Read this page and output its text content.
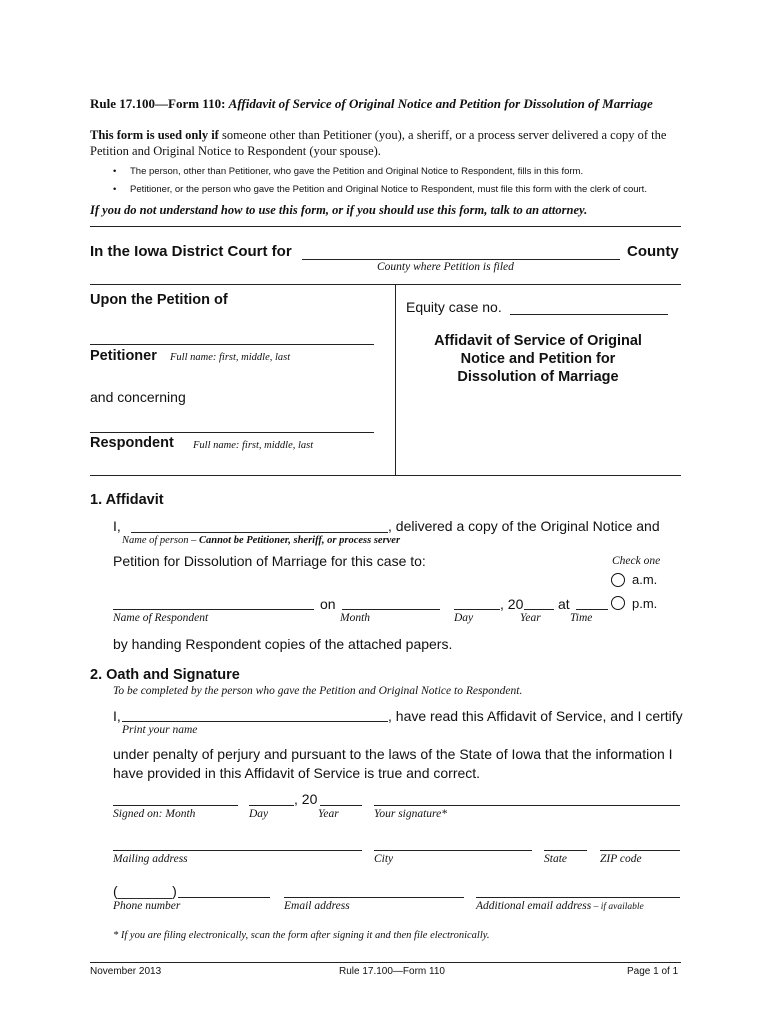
Rule 17.100—Form 110: Affidavit of Service of Original Notice and Petition for Dissolution of Marriage
This form is used only if someone other than Petitioner (you), a sheriff, or a process server delivered a copy of the
Petition and Original Notice to Respondent (your spouse).
• The person, other than Petitioner, who gave the Petition and Original Notice to Respondent, fills in this form.
• Petitioner, or the person who gave the Petition and Original Notice to Respondent, must file this form with the clerk of court.
If you do not understand how to use this form, or if you should use this form, talk to an attorney.
In the Iowa District Court for	County
County where Petition is filed
Upon the Petition of
Petitioner Full name: first, middle, last
and concerning
Respondent Full name: first, middle, last
Equity case no.
Affidavit of Service of Original
Notice and Petition for
Dissolution of Marriage
1. Affidavit
I,	, delivered a copy of the Original Notice and
Name of person – Cannot be Petitioner, sheriff, or process server
Petition for Dissolution of Marriage for this case to:	Check one
a.m.
on	, 20 at	p.m.
Name of Respondent	Month	Day	Year	Time
by handing Respondent copies of the attached papers.
2. Oath and Signature
To be completed by the person who gave the Petition and Original Notice to Respondent.
I,	, have read this Affidavit of Service, and I certify
Print your name
under penalty of perjury and pursuant to the laws of the State of Iowa that the information I
have provided in this Affidavit of Service is true and correct.
, 20
Signed on: Month	Day	Year	Your signature*
Mailing address	City	State	ZIP code
(_______)
Phone number	Email address	Additional email address – if available
* If you are filing electronically, scan the form after signing it and then file electronically.
November 2013	Rule 17.100—Form 110	Page 1 of 1
